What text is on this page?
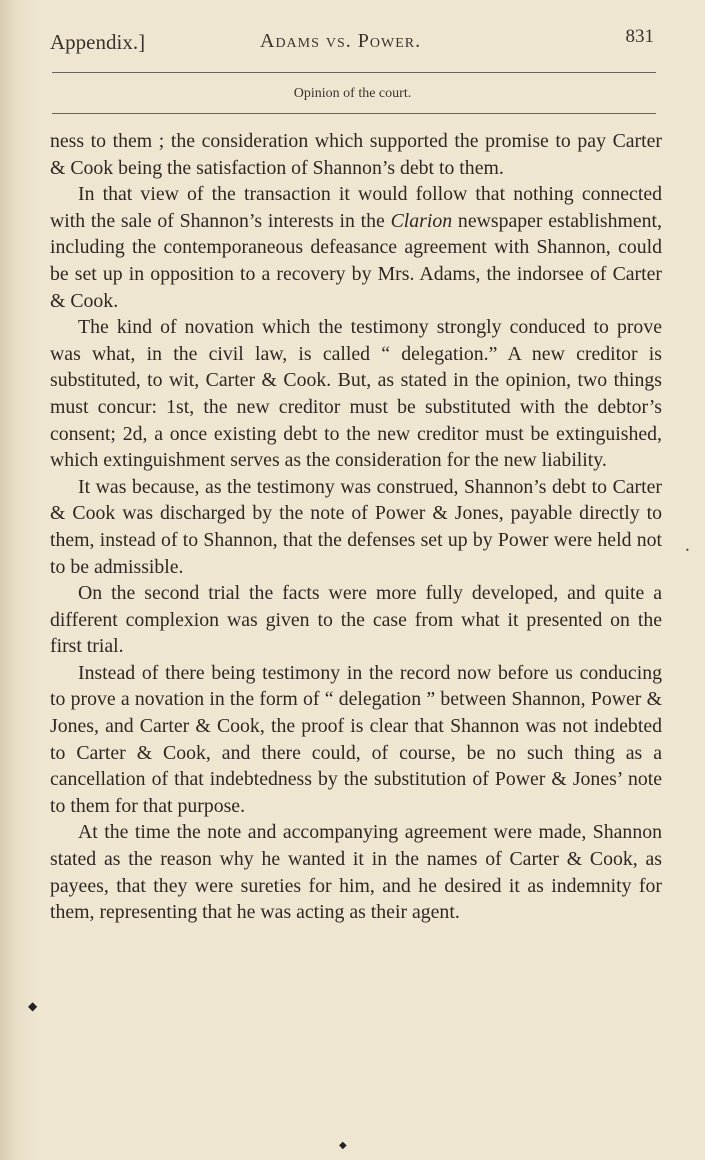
Appendix.]	Adams vs. Power.	831
Opinion of the court.

ness to them ; the consideration which supported the promise to pay Carter & Cook being the satisfaction of Shannon’s debt to them.

In that view of the transaction it would follow that nothing connected with the sale of Shannon’s interests in the Clarion newspaper establishment, including the contemporaneous defeasance agreement with Shannon, could be set up in opposition to a recovery by Mrs. Adams, the indorsee of Carter & Cook.

The kind of novation which the testimony strongly conduced to prove was what, in the civil law, is called “ delegation.” A new creditor is substituted, to wit, Carter & Cook. But, as stated in the opinion, two things must concur: 1st, the new creditor must be substituted with the debtor’s consent; 2d, a once existing debt to the new creditor must be extinguished, which extinguishment serves as the consideration for the new liability.

It was because, as the testimony was construed, Shannon’s debt to Carter & Cook was discharged by the note of Power & Jones, payable directly to them, instead of to Shannon, that the defenses set up by Power were held not to be admissible.

On the second trial the facts were more fully developed, and quite a different complexion was given to the case from what it presented on the first trial.

Instead of there being testimony in the record now before us conducing to prove a novation in the form of “ delegation ” between Shannon, Power & Jones, and Carter & Cook, the proof is clear that Shannon was not indebted to Carter & Cook, and there could, of course, be no such thing as a cancellation of that indebtedness by the substitution of Power & Jones’ note to them for that purpose.

At the time the note and accompanying agreement were made, Shannon stated as the reason why he wanted it in the names of Carter & Cook, as payees, that they were sureties for him, and he desired it as indemnity for them, representing that he was acting as their agent.

◆
•
◆
